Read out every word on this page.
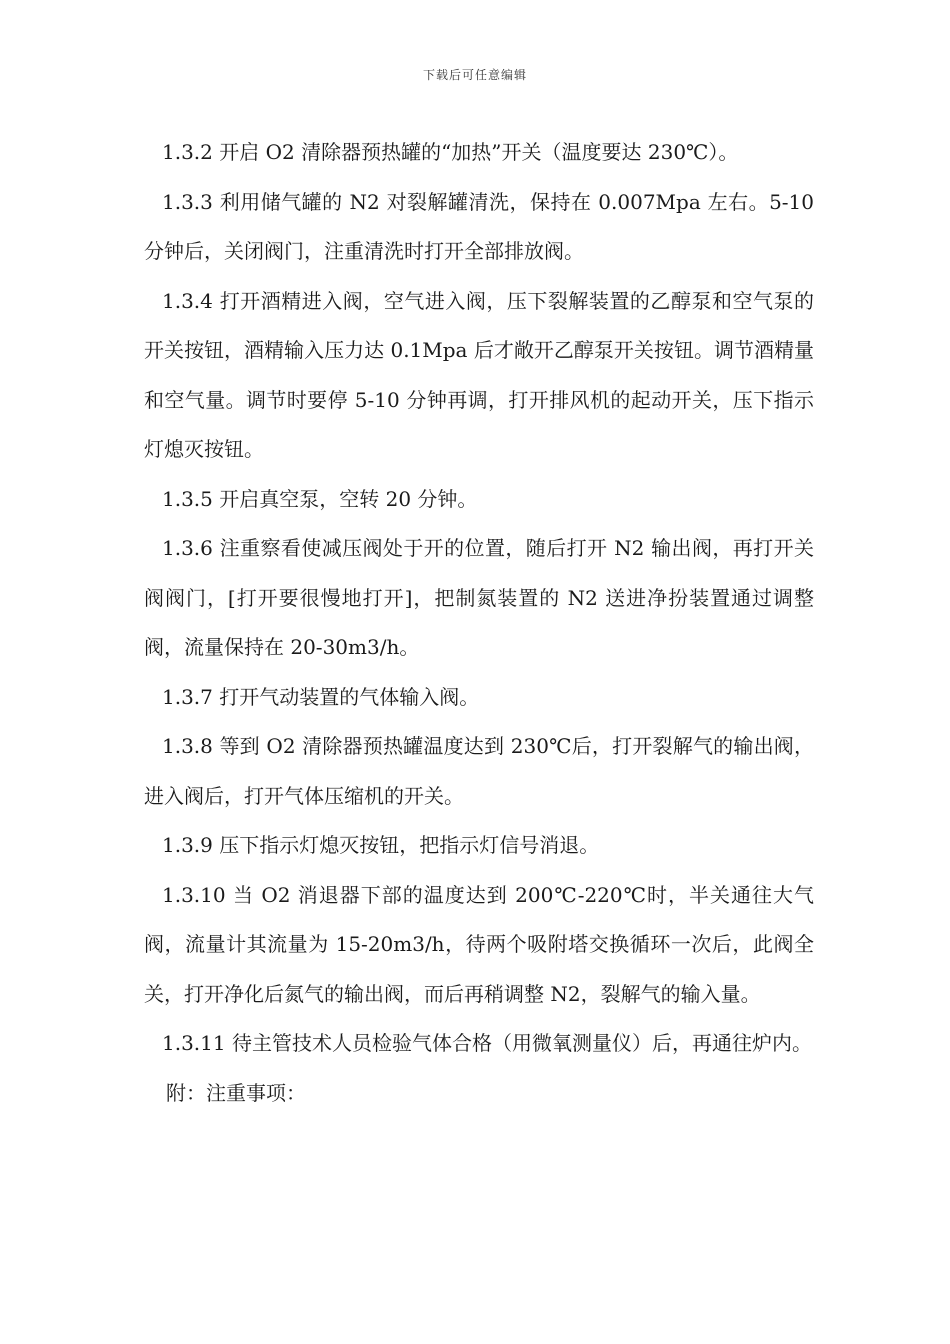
下载后可任意编辑

1.3.2 开启 O2 清除器预热罐的“加热”开关（温度要达 230℃）。

1.3.3 利用储气罐的 N2 对裂解罐清洗，保持在 0.007Mpa 左右。5-10 分钟后，关闭阀门，注重清洗时打开全部排放阀。

1.3.4 打开酒精进入阀，空气进入阀，压下裂解装置的乙醇泵和空气泵的开关按钮，酒精输入压力达 0.1Mpa 后才敞开乙醇泵开关按钮。调节酒精量和空气量。调节时要停 5-10 分钟再调，打开排风机的起动开关，压下指示灯熄灭按钮。

1.3.5 开启真空泵，空转 20 分钟。

1.3.6 注重察看使减压阀处于开的位置，随后打开 N2 输出阀，再打开关阀阀门，[打开要很慢地打开]，把制氮装置的 N2 送进净扮装置通过调整阀，流量保持在 20-30m3/h。

1.3.7 打开气动装置的气体输入阀。

1.3.8 等到 O2 清除器预热罐温度达到 230℃后，打开裂解气的输出阀，进入阀后，打开气体压缩机的开关。

1.3.9 压下指示灯熄灭按钮，把指示灯信号消退。

1.3.10 当 O2 消退器下部的温度达到 200℃-220℃时，半关通往大气阀，流量计其流量为 15-20m3/h，待两个吸附塔交换循环一次后，此阀全关，打开净化后氮气的输出阀，而后再稍调整 N2，裂解气的输入量。

1.3.11 待主管技术人员检验气体合格（用微氧测量仪）后，再通往炉内。

附：注重事项：
